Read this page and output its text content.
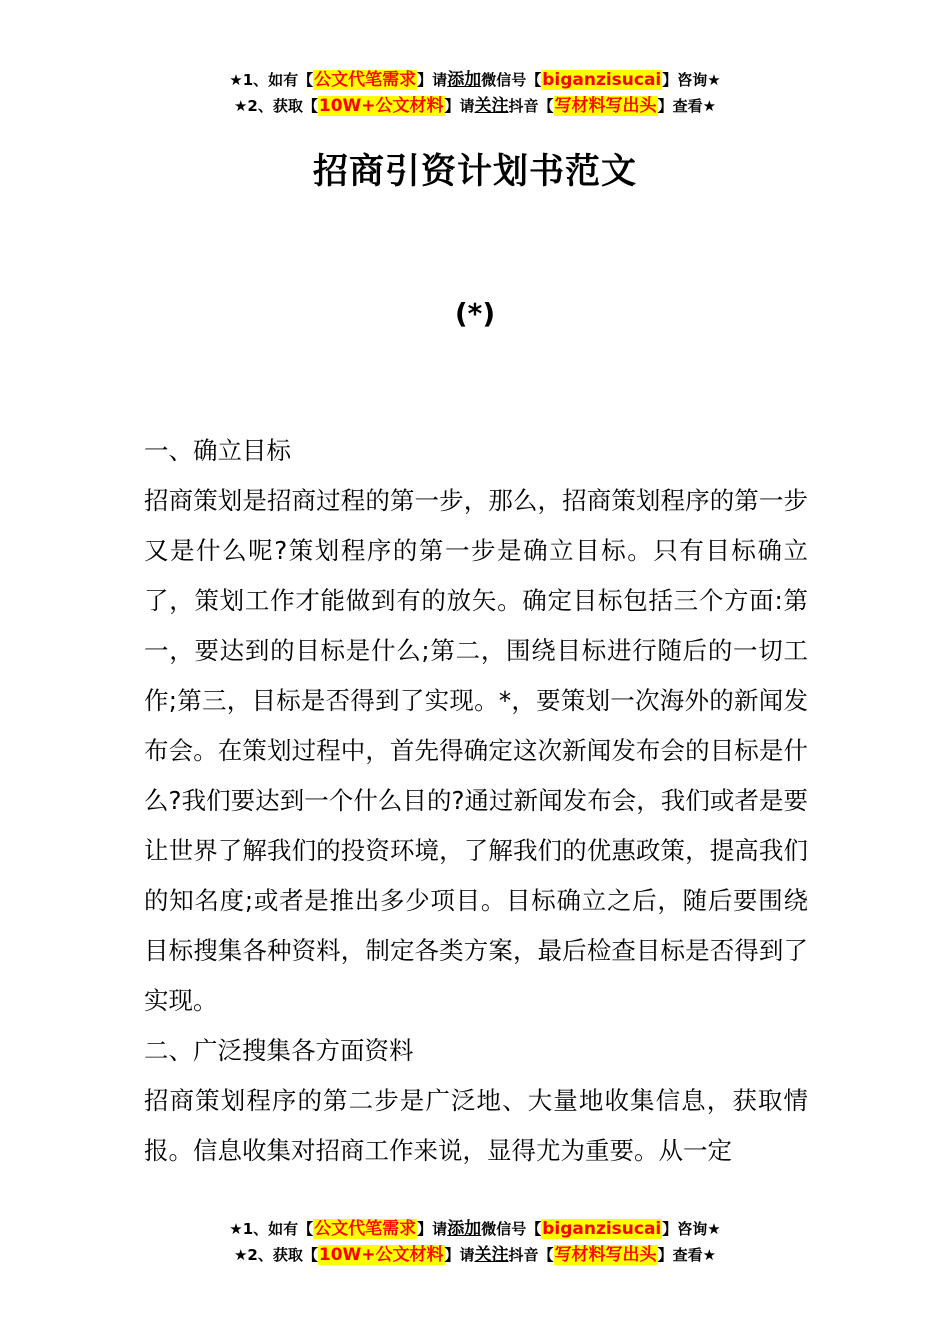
★1、如有【公文代笔需求】请添加微信号【biganzisucai】咨询★
★2、获取【10W+公文材料】请关注抖音【写材料写出头】查看★
招商引资计划书范文
(*)
一、确立目标
招商策划是招商过程的第一步，那么，招商策划程序的第一步又是什么呢?策划程序的第一步是确立目标。只有目标确立了，策划工作才能做到有的放矢。确定目标包括三个方面:第一，要达到的目标是什么;第二，围绕目标进行随后的一切工作;第三，目标是否得到了实现。*，要策划一次海外的新闻发布会。在策划过程中，首先得确定这次新闻发布会的目标是什么?我们要达到一个什么目的?通过新闻发布会，我们或者是要让世界了解我们的投资环境，了解我们的优惠政策，提高我们的知名度;或者是推出多少项目。目标确立之后，随后要围绕目标搜集各种资料，制定各类方案，最后检查目标是否得到了实现。
二、广泛搜集各方面资料
招商策划程序的第二步是广泛地、大量地收集信息，获取情报。信息收集对招商工作来说，显得尤为重要。从一定
★1、如有【公文代笔需求】请添加微信号【biganzisucai】咨询★
★2、获取【10W+公文材料】请关注抖音【写材料写出头】查看★
